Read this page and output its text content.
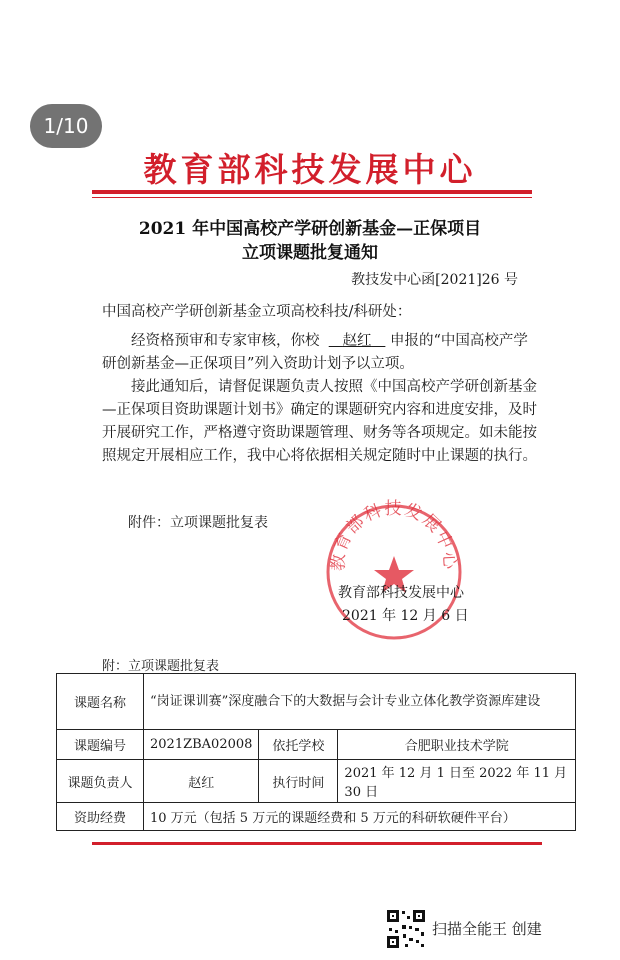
1/10
教育部科技发展中心
2021 年中国高校产学研创新基金—正保项目
立项课题批复通知
教技发中心函[2021]26 号
中国高校产学研创新基金立项高校科技/科研处：
经资格预审和专家审核，你校 赵红 申报的“中国高校产学研创新基金—正保项目”列入资助计划予以立项。
接此通知后，请督促课题负责人按照《中国高校产学研创新基金—正保项目资助课题计划书》确定的课题研究内容和进度安排，及时开展研究工作，严格遵守资助课题管理、财务等各项规定。如未能按照规定开展相应工作，我中心将依据相关规定随时中止课题的执行。
附件：立项课题批复表
教育部科技发展中心
教育部科技发展中心
2021 年 12 月 6 日
附：立项课题批复表
课题名称	“岗证课训赛”深度融合下的大数据与会计专业立体化教学资源库建设		
课题编号	2021ZBA02008	依托学校	合肥职业技术学院
课题负责人	赵红	执行时间	2021 年 12 月 1 日至 2022 年 11 月 30 日
资助经费	10 万元（包括 5 万元的课题经费和 5 万元的科研软硬件平台）		
扫描全能王 创建
